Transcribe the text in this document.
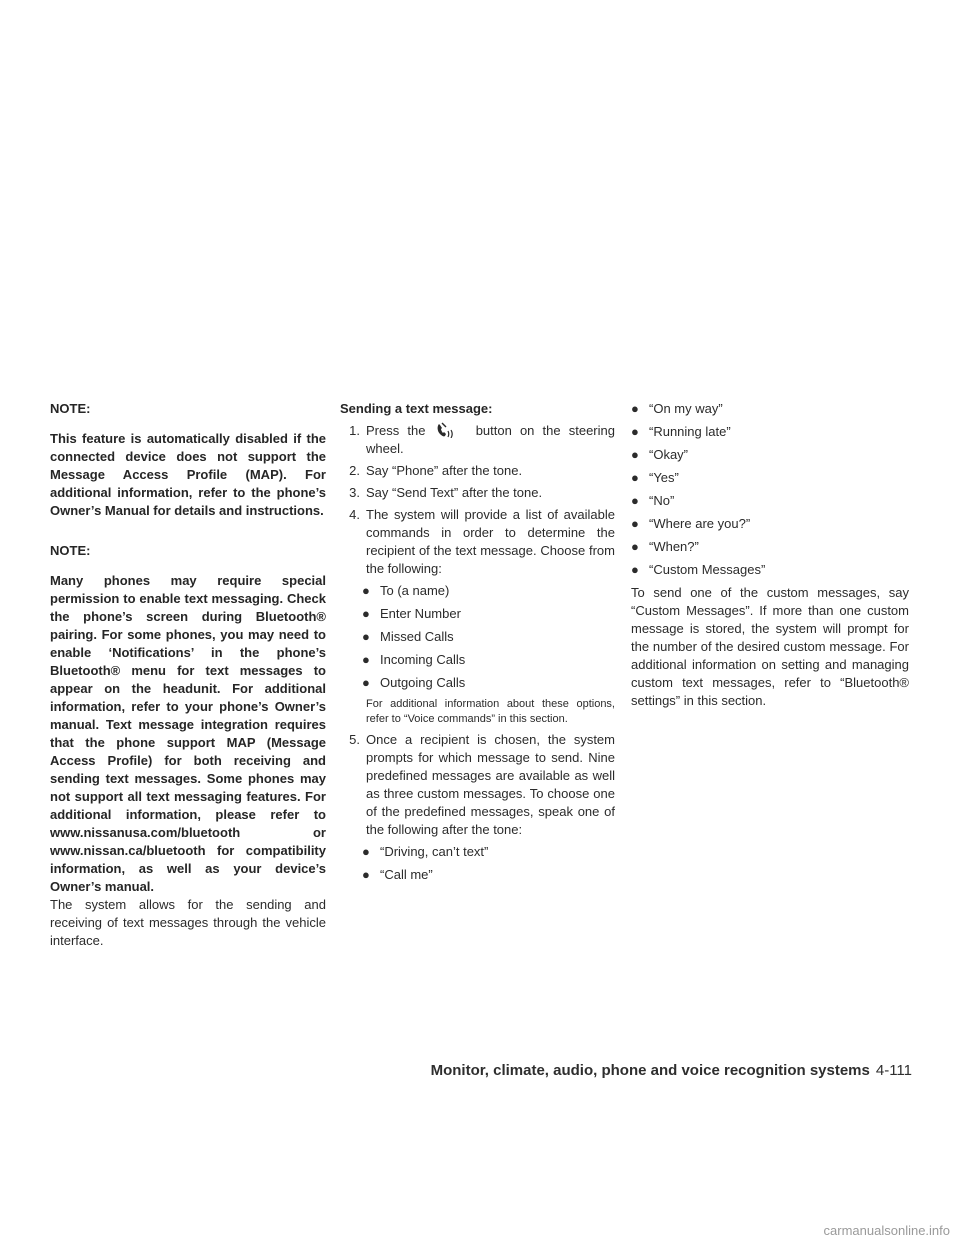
NOTE:

This feature is automatically disabled if the connected device does not support the Message Access Profile (MAP). For additional information, refer to the phone’s Owner’s Manual for details and instructions.

NOTE:

Many phones may require special permission to enable text messaging. Check the phone’s screen during Bluetooth® pairing. For some phones, you may need to enable ‘Notifications’ in the phone’s Bluetooth® menu for text messages to appear on the headunit. For additional information, refer to your phone’s Owner’s manual. Text message integration requires that the phone support MAP (Message Access Profile) for both receiving and sending text messages. Some phones may not support all text messaging features. For additional information, please refer to www.nissanusa.com/bluetooth or www.nissan.ca/bluetooth for compatibility information, as well as your device’s Owner’s manual.

The system allows for the sending and receiving of text messages through the vehicle interface.

Sending a text message:

1. Press the	button on the steering wheel.
2. Say “Phone” after the tone.
3. Say “Send Text” after the tone.
4. The system will provide a list of available commands in order to determine the recipient of the text message. Choose from the following:
● To (a name)
● Enter Number
● Missed Calls
● Incoming Calls
● Outgoing Calls

For additional information about these options, refer to “Voice commands” in this section.

5. Once a recipient is chosen, the system prompts for which message to send. Nine predefined messages are available as well as three custom messages. To choose one of the predefined messages, speak one of the following after the tone:
● “Driving, can’t text”
● “Call me”
● “On my way”
● “Running late”
● “Okay”
● “Yes”
● “No”
● “Where are you?”
● “When?”
● “Custom Messages”

To send one of the custom messages, say “Custom Messages”. If more than one custom message is stored, the system will prompt for the number of the desired custom message. For additional information on setting and managing custom text messages, refer to “Bluetooth® settings” in this section.

Monitor, climate, audio, phone and voice recognition systems 4-111
carmanualsonline.info
